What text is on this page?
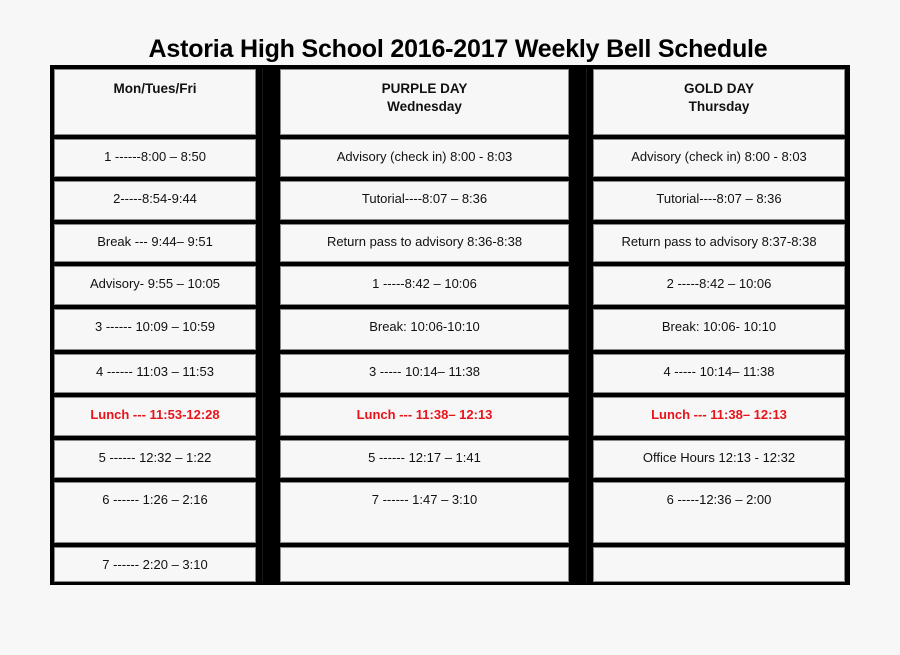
Astoria High School 2016-2017 Weekly Bell Schedule
Mon/Tues/Fri
1 ------8:00 – 8:50
2-----8:54-9:44
Break --- 9:44– 9:51
Advisory- 9:55 – 10:05
3 ------ 10:09 – 10:59
4 ------ 11:03 – 11:53
Lunch --- 11:53-12:28
5 ------ 12:32 – 1:22
6 ------ 1:26 – 2:16
7 ------ 2:20 – 3:10
PURPLE DAY
Wednesday
Advisory (check in) 8:00 - 8:03
Tutorial----8:07 – 8:36
Return pass to advisory 8:36-8:38
1 -----8:42 – 10:06
Break: 10:06-10:10
3 ----- 10:14– 11:38
Lunch --- 11:38– 12:13
5 ------ 12:17 – 1:41
7 ------ 1:47 – 3:10
GOLD DAY
Thursday
Advisory (check in) 8:00 - 8:03
Tutorial----8:07 – 8:36
Return pass to advisory 8:37-8:38
2 -----8:42 – 10:06
Break: 10:06- 10:10
4 ----- 10:14– 11:38
Lunch --- 11:38– 12:13
Office Hours 12:13 - 12:32
6 -----12:36 – 2:00
